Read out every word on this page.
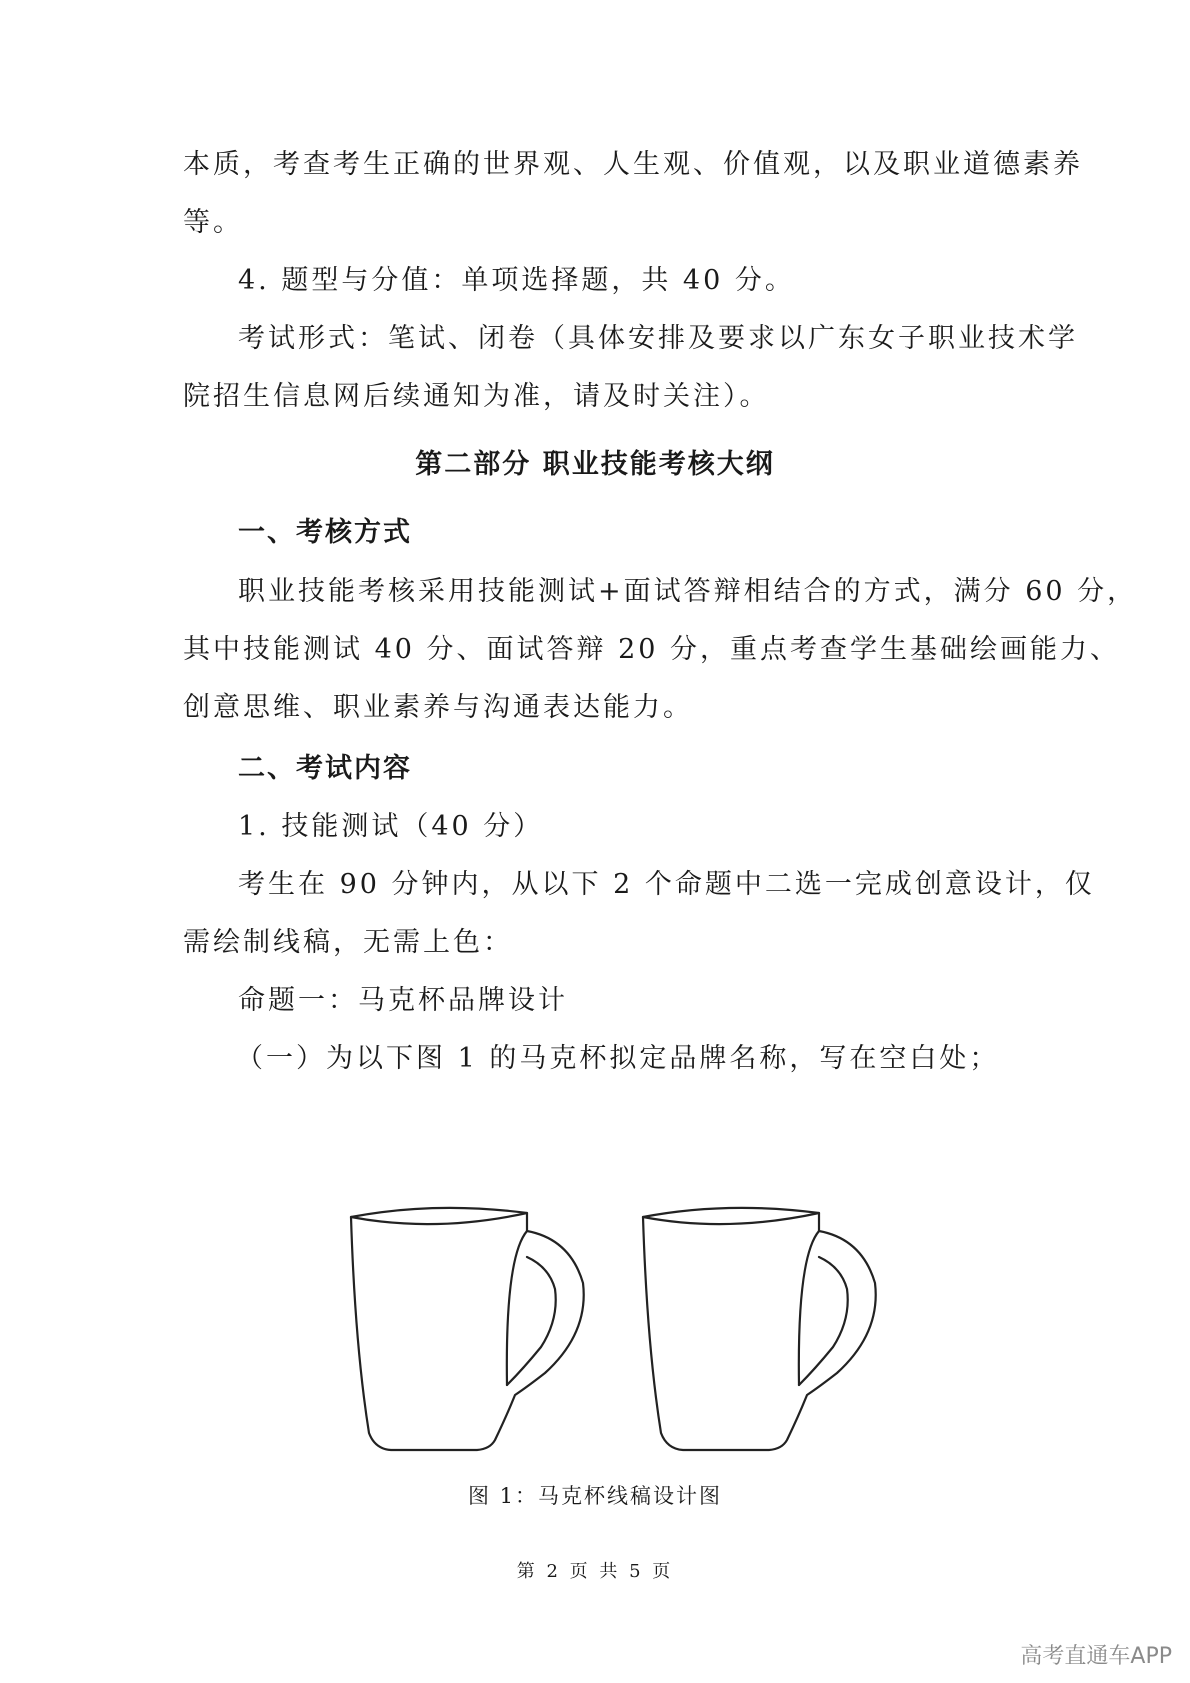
本质，考查考生正确的世界观、人生观、价值观，以及职业道德素养
等。
4. 题型与分值：单项选择题，共 40 分。
考试形式：笔试、闭卷（具体安排及要求以广东女子职业技术学
院招生信息网后续通知为准，请及时关注）。
第二部分 职业技能考核大纲
一、考核方式
职业技能考核采用技能测试+面试答辩相结合的方式，满分 60 分，
其中技能测试 40 分、面试答辩 20 分，重点考查学生基础绘画能力、
创意思维、职业素养与沟通表达能力。
二、考试内容
1. 技能测试（40 分）
考生在 90 分钟内，从以下 2 个命题中二选一完成创意设计，仅
需绘制线稿，无需上色：
命题一：马克杯品牌设计
（一）为以下图 1 的马克杯拟定品牌名称，写在空白处；
图 1：马克杯线稿设计图
第 2 页 共 5 页
高考直通车APP
